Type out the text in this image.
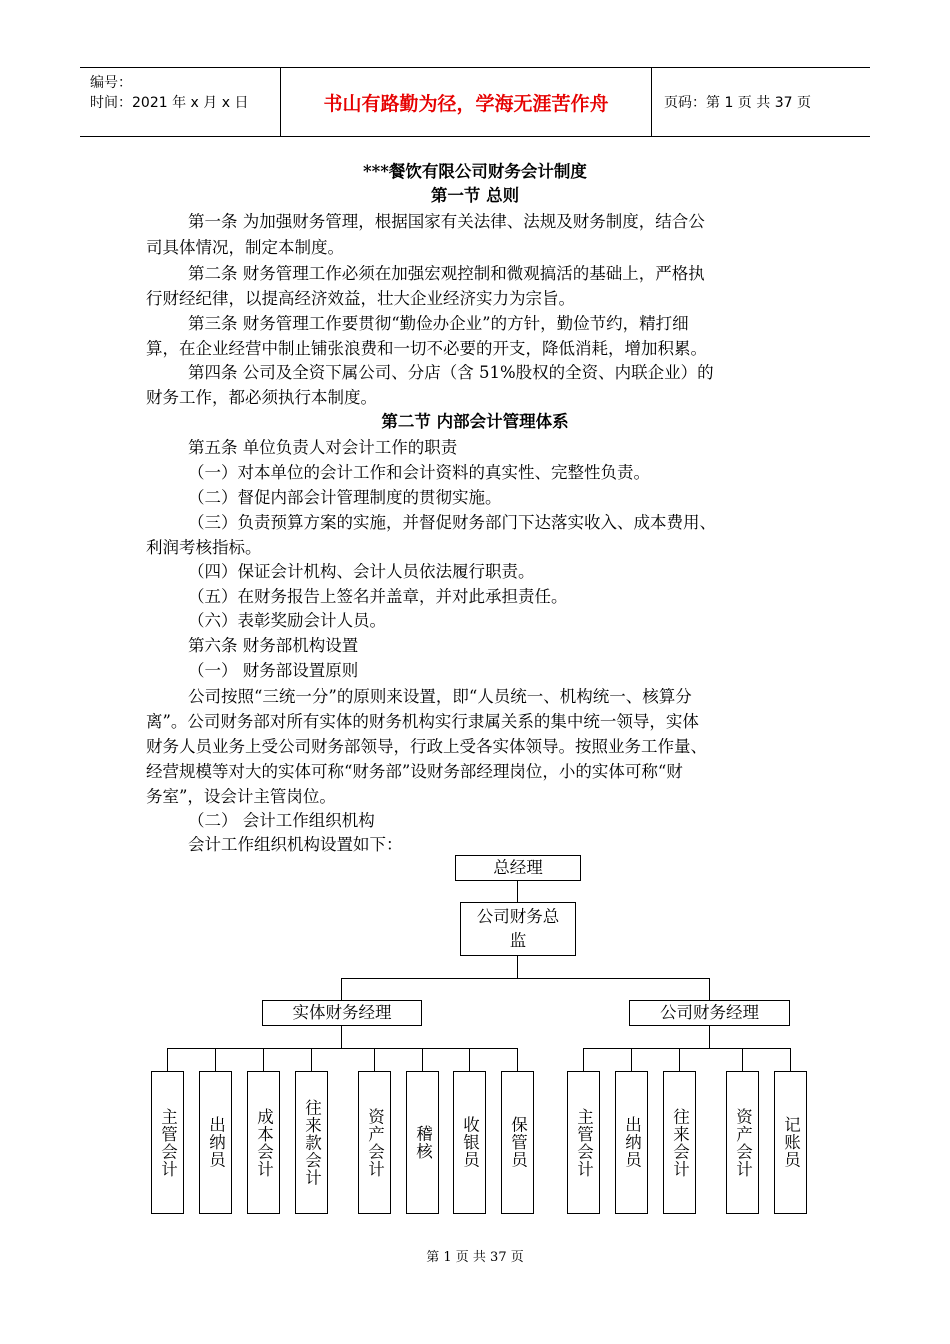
编号：
时间：2021 年 x 月 x 日	书山有路勤为径，学海无涯苦作舟	页码：第 1 页 共 37 页
***餐饮有限公司财务会计制度
第一节 总则
第一条 为加强财务管理，根据国家有关法律、法规及财务制度，结合公
司具体情况，制定本制度。
第二条 财务管理工作必须在加强宏观控制和微观搞活的基础上，严格执
行财经纪律，以提高经济效益，壮大企业经济实力为宗旨。
第三条 财务管理工作要贯彻“勤俭办企业”的方针，勤俭节约，精打细
算，在企业经营中制止铺张浪费和一切不必要的开支，降低消耗，增加积累。
第四条 公司及全资下属公司、分店（含 51%股权的全资、内联企业）的
财务工作，都必须执行本制度。
第二节 内部会计管理体系
第五条 单位负责人对会计工作的职责
（一）对本单位的会计工作和会计资料的真实性、完整性负责。
（二）督促内部会计管理制度的贯彻实施。
（三）负责预算方案的实施，并督促财务部门下达落实收入、成本费用、
利润考核指标。
（四）保证会计机构、会计人员依法履行职责。
（五）在财务报告上签名并盖章，并对此承担责任。
（六）表彰奖励会计人员。
第六条 财务部机构设置
（一） 财务部设置原则
公司按照“三统一分”的原则来设置，即“人员统一、机构统一、核算分
离”。公司财务部对所有实体的财务机构实行隶属关系的集中统一领导，实体
财务人员业务上受公司财务部领导，行政上受各实体领导。按照业务工作量、
经营规模等对大的实体可称“财务部”设财务部经理岗位，小的实体可称“财
务室”，设会计主管岗位。
（二） 会计工作组织机构
会计工作组织机构设置如下：
总经理
公司财务总
监
实体财务经理	公司财务经理
主管会计 出纳员 成本会计 往来款会计	资产会计 稽核 收银员 保管员	主管会计 出纳员 往来会计	资产会计 记账员
第 1 页 共 37 页
